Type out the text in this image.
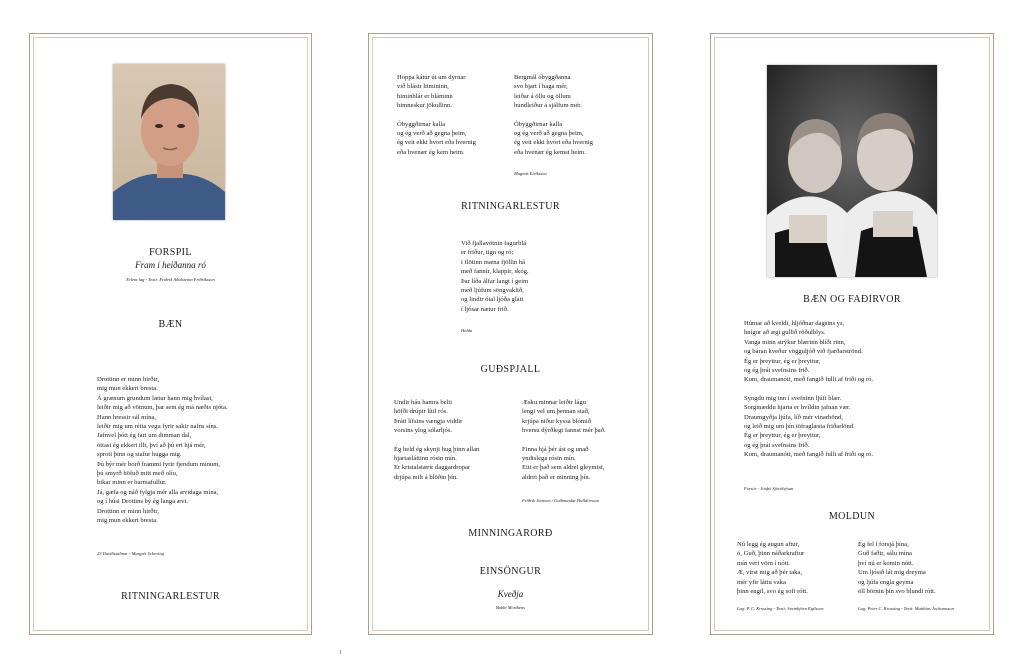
FORSPIL
Fram í heiðanna ró
Erlent lag - Texti: Friðrik Aðalsteinn Friðriksson
BÆN
Drottinn er minn hirðir,
mig mun ekkert bresta.
Á grænum grundum lætur hann mig hvílast,
leiðir mig að vötnum, þar sem ég má næðis njóta.
Hann hressir sál mína,
leiðir mig um rétta vegu fyrir sakir nafns síns.
Jafnvel þótt ég fari um dimman dal,
óttast ég ekkert illt, því að þú ert hjá mér,
sproti þinn og stafur hugga mig.
Þú býr mér borð frammi fyrir fjendum mínum,
þú smyrð höfuð mitt með olíu,
bikar minn er barmafullur.
Já, gæfa og náð fylgja mér alla ævidaga mína,
og í húsi Drottins bý ég langa ævi.
Drottinn er minn hirðir,
mig mun ekkert bresta.
23 Davíðssálmur - Margrét Scheving
RITNINGARLESTUR
Hoppa kátur út um dyrnar
við blásir himininn,
himinblár er bláminn
himneskur jökullinn.
Óbyggðirnar kalla
og ég verð að gegna þeim,
ég veit ekki hvort eða hvernig
eða hvenær ég kem heim.
Bergmál óbyggðanna
svo bjart í haga mér,
leiðar á öllu og öllum
hundleiður á sjálfum mér.
Óbyggðirnar kalla
og ég verð að gegna þeim,
ég veit ekki hvort eða hvernig
eða hvenær ég kemst heim.
Magnús Eiríksson
RITNINGARLESTUR
Við fjallavötnin fagurblá
er friður, tign og ró;
í flötinn mæna fjöllin há
með fannir, klappir, skóg.
Þar líða álfar langt í geim
með ljúfum söngvaklið,
og lindir ótal ljóða glatt
í ljósar nætur frið.
Hulda
GUÐSPJALL
Undir háu hamra belti
höfði drúpir lítil rós.
Þrátt lífsins vængja viddir
vorsins ylog sólarljós.
Ég held ég skynji hug þinn allan
hjartasláttinn rósin mín.
Er kristalstærir daggardropar
drjúpa milt á blöðin þín.
Æsku minnar leiðir lágu
lengi vel um þennan stað,
krjúpa niður kyssa blómið
hversu dýrðlegt fannst mér það.
Finna hjá þér ást og unað
yndislega rósin mín.
Eitt er það sem aldrei gleymist,
aldrei það er minning þín.
Friðrik Jónsson / Guðmundur Halldórsson
MINNINGARORÐ
EINSÖNGUR
Kveðja
Bubbi Morthens
BÆN OG FAÐIRVOR
Húmar að kveldi, hljóðnar dagsins ys,
hnígur að ægi gullið röðulblys.
Vanga minn strýkur blærinn blíði rinn,
og báran kveður vögguljóð við fjarðarströnd.
Ég er þreyttur, ég er þreyttur,
og ég þrái svefnsins frið.
Kom, draumanótt, með fangið fullt af friði og ró.
Syngdu mig inn í svefninn ljúfi blær.
Sorgmæddu hjarta er hvíldin jafnan vær.
Draumgyðja ljúfa, líð mér vinarhönd,
og leið mig um þín töfraglæsta friðarlönd.
Ég er þreyttur, ég er þreyttur,
og ég þrái svefnsins frið.
Kom, draumanótt, með fangið fullt af friði og ró.
Forsör - Jónþó Sjörölsýsan
MOLDUN
Nú legg ég augun aftur,
ó, Guð, þinn náðarkraftur
mín veri vörn í nótt.
Æ, virst mig að þér taka,
mér yfir láttu vaka
þinn engil, svo ég sofi rótt.
Ég fel í forsjá þína,
Guð faðir, sálu mína
því nú er komin nótt.
Um ljósið lát mig dreyma
og ljúfa engla geyma
öll börnin þín svo blundi rótt.
Lag: P. C. Krossing - Texti: Sveinbjörn Egilsson	Lag: Peter C. Krossing - Texti: Matthías Jochumsson
